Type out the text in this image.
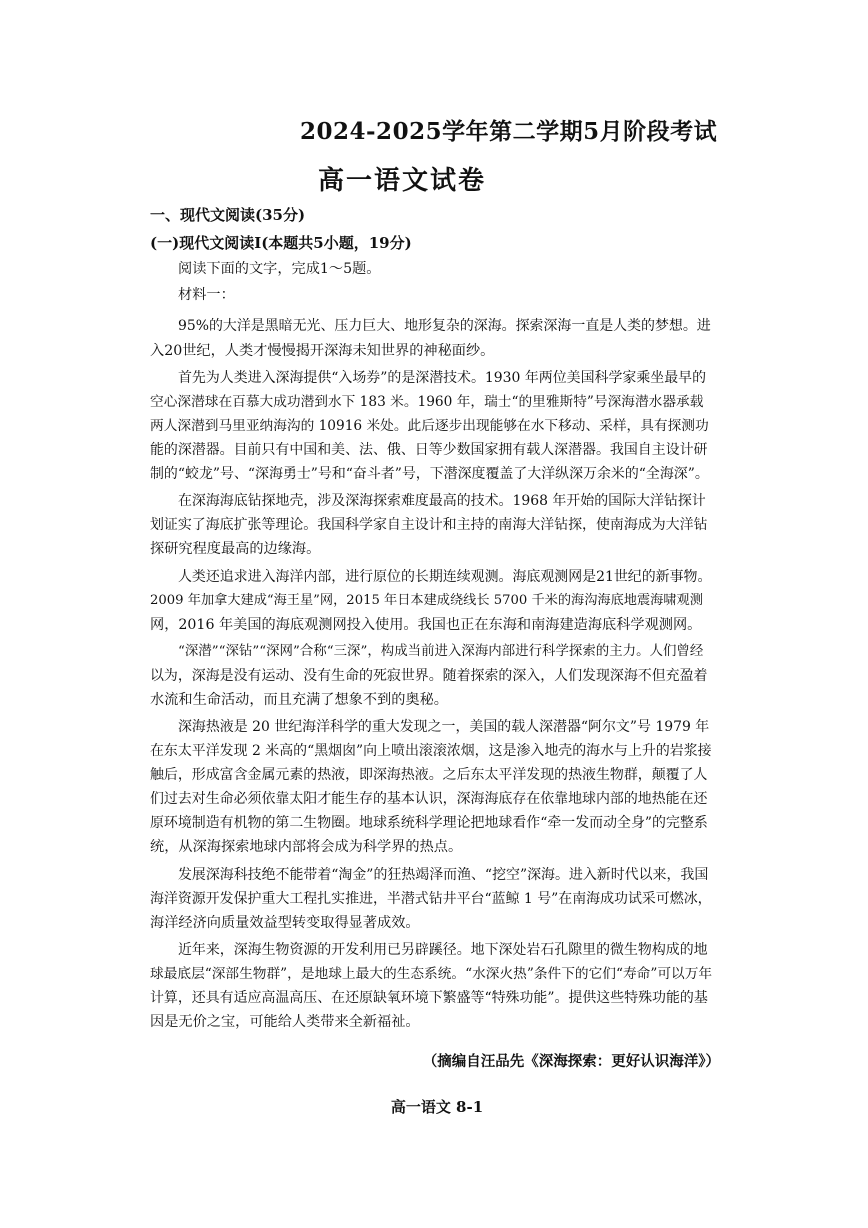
2024-2025学年第二学期5月阶段考试
高一语文试卷
一、现代文阅读(35分)
(一)现代文阅读Ⅰ(本题共5小题，19分)
阅读下面的文字，完成1～5题。
材料一：
95%的大洋是黑暗无光、压力巨大、地形复杂的深海。探索深海一直是人类的梦想。进
入20世纪，人类才慢慢揭开深海未知世界的神秘面纱。
首先为人类进入深海提供“入场券”的是深潜技术。1930 年两位美国科学家乘坐最早的
空心深潜球在百慕大成功潜到水下 183 米。1960 年，瑞士“的里雅斯特”号深海潜水器承载
两人深潜到马里亚纳海沟的 10916 米处。此后逐步出现能够在水下移动、采样，具有探测功
能的深潜器。目前只有中国和美、法、俄、日等少数国家拥有载人深潜器。我国自主设计研
制的“蛟龙”号、“深海勇士”号和“奋斗者”号，下潜深度覆盖了大洋纵深万余米的“全海深”。
在深海海底钻探地壳，涉及深海探索难度最高的技术。1968 年开始的国际大洋钻探计
划证实了海底扩张等理论。我国科学家自主设计和主持的南海大洋钻探，使南海成为大洋钻
探研究程度最高的边缘海。
人类还追求进入海洋内部，进行原位的长期连续观测。海底观测网是21世纪的新事物。
2009 年加拿大建成“海王星”网，2015 年日本建成绕线长 5700 千米的海沟海底地震海啸观测
网，2016 年美国的海底观测网投入使用。我国也正在东海和南海建造海底科学观测网。
“深潜”“深钻”“深网”合称“三深”，构成当前进入深海内部进行科学探索的主力。人们曾经
以为，深海是没有运动、没有生命的死寂世界。随着探索的深入，人们发现深海不但充盈着
水流和生命活动，而且充满了想象不到的奥秘。
深海热液是 20 世纪海洋科学的重大发现之一，美国的载人深潜器“阿尔文”号 1979 年
在东太平洋发现 2 米高的“黑烟囱”向上喷出滚滚浓烟，这是渗入地壳的海水与上升的岩浆接
触后，形成富含金属元素的热液，即深海热液。之后东太平洋发现的热液生物群，颠覆了人
们过去对生命必须依靠太阳才能生存的基本认识，深海海底存在依靠地球内部的地热能在还
原环境制造有机物的第二生物圈。地球系统科学理论把地球看作“牵一发而动全身”的完整系
统，从深海探索地球内部将会成为科学界的热点。
发展深海科技绝不能带着“淘金”的狂热竭泽而渔、“挖空”深海。进入新时代以来，我国
海洋资源开发保护重大工程扎实推进，半潜式钻井平台“蓝鲸 1 号”在南海成功试采可燃冰，
海洋经济向质量效益型转变取得显著成效。
近年来，深海生物资源的开发利用已另辟蹊径。地下深处岩石孔隙里的微生物构成的地
球最底层“深部生物群”，是地球上最大的生态系统。“水深火热”条件下的它们“寿命”可以万年
计算，还具有适应高温高压、在还原缺氧环境下繁盛等“特殊功能”。提供这些特殊功能的基
因是无价之宝，可能给人类带来全新福祉。
（摘编自汪品先《深海探索：更好认识海洋》）
高一语文 8-1
